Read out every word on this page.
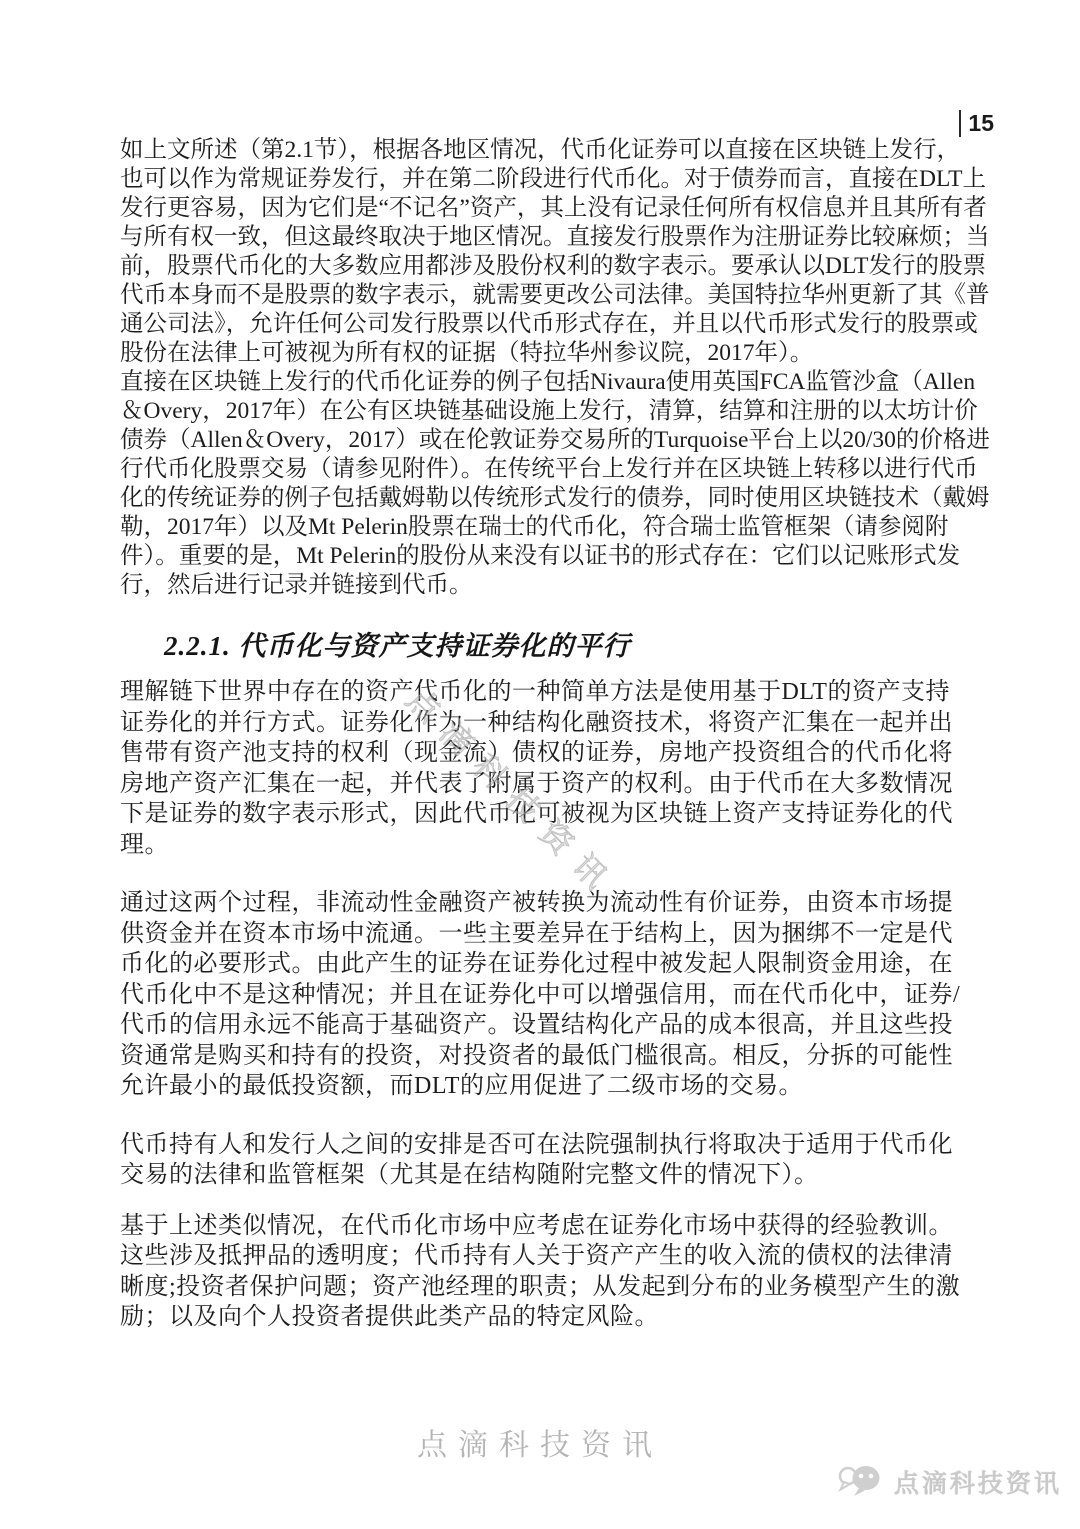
15
如上文所述（第2.1节），根据各地区情况，代币化证券可以直接在区块链上发行，
也可以作为常规证券发行，并在第二阶段进行代币化。对于债券而言，直接在DLT上
发行更容易，因为它们是“不记名”资产，其上没有记录任何所有权信息并且其所有者
与所有权一致，但这最终取决于地区情况。直接发行股票作为注册证券比较麻烦；当
前，股票代币化的大多数应用都涉及股份权利的数字表示。要承认以DLT发行的股票
代币本身而不是股票的数字表示，就需要更改公司法律。美国特拉华州更新了其《普
通公司法》，允许任何公司发行股票以代币形式存在，并且以代币形式发行的股票或
股份在法律上可被视为所有权的证据（特拉华州参议院，2017年）。
直接在区块链上发行的代币化证券的例子包括Nivaura使用英国FCA监管沙盒（Allen
＆Overy，2017年）在公有区块链基础设施上发行，清算，结算和注册的以太坊计价
债券（Allen＆Overy，2017）或在伦敦证券交易所的Turquoise平台上以20/30的价格进
行代币化股票交易（请参见附件）。在传统平台上发行并在区块链上转移以进行代币
化的传统证券的例子包括戴姆勒以传统形式发行的债券，同时使用区块链技术（戴姆
勒，2017年）以及Mt Pelerin股票在瑞士的代币化，符合瑞士监管框架（请参阅附
件）。重要的是，Mt Pelerin的股份从来没有以证书的形式存在：它们以记账形式发
行，然后进行记录并链接到代币。
2.2.1. 代币化与资产支持证券化的平行
理解链下世界中存在的资产代币化的一种简单方法是使用基于DLT的资产支持
证券化的并行方式。证券化作为一种结构化融资技术，将资产汇集在一起并出
售带有资产池支持的权利（现金流）债权的证券，房地产投资组合的代币化将
房地产资产汇集在一起，并代表了附属于资产的权利。由于代币在大多数情况
下是证券的数字表示形式，因此代币化可被视为区块链上资产支持证券化的代
理。
通过这两个过程，非流动性金融资产被转换为流动性有价证券，由资本市场提
供资金并在资本市场中流通。一些主要差异在于结构上，因为捆绑不一定是代
币化的必要形式。由此产生的证券在证券化过程中被发起人限制资金用途，在
代币化中不是这种情况；并且在证券化中可以增强信用，而在代币化中，证券/
代币的信用永远不能高于基础资产。设置结构化产品的成本很高，并且这些投
资通常是购买和持有的投资，对投资者的最低门槛很高。相反，分拆的可能性
允许最小的最低投资额，而DLT的应用促进了二级市场的交易。
代币持有人和发行人之间的安排是否可在法院强制执行将取决于适用于代币化
交易的法律和监管框架（尤其是在结构随附完整文件的情况下）。
基于上述类似情况，在代币化市场中应考虑在证券化市场中获得的经验教训。
这些涉及抵押品的透明度；代币持有人关于资产产生的收入流的债权的法律清
晰度;投资者保护问题；资产池经理的职责；从发起到分布的业务模型产生的激
励；以及向个人投资者提供此类产品的特定风险。
点滴科技资讯
点滴科技资讯
点滴科技资讯
